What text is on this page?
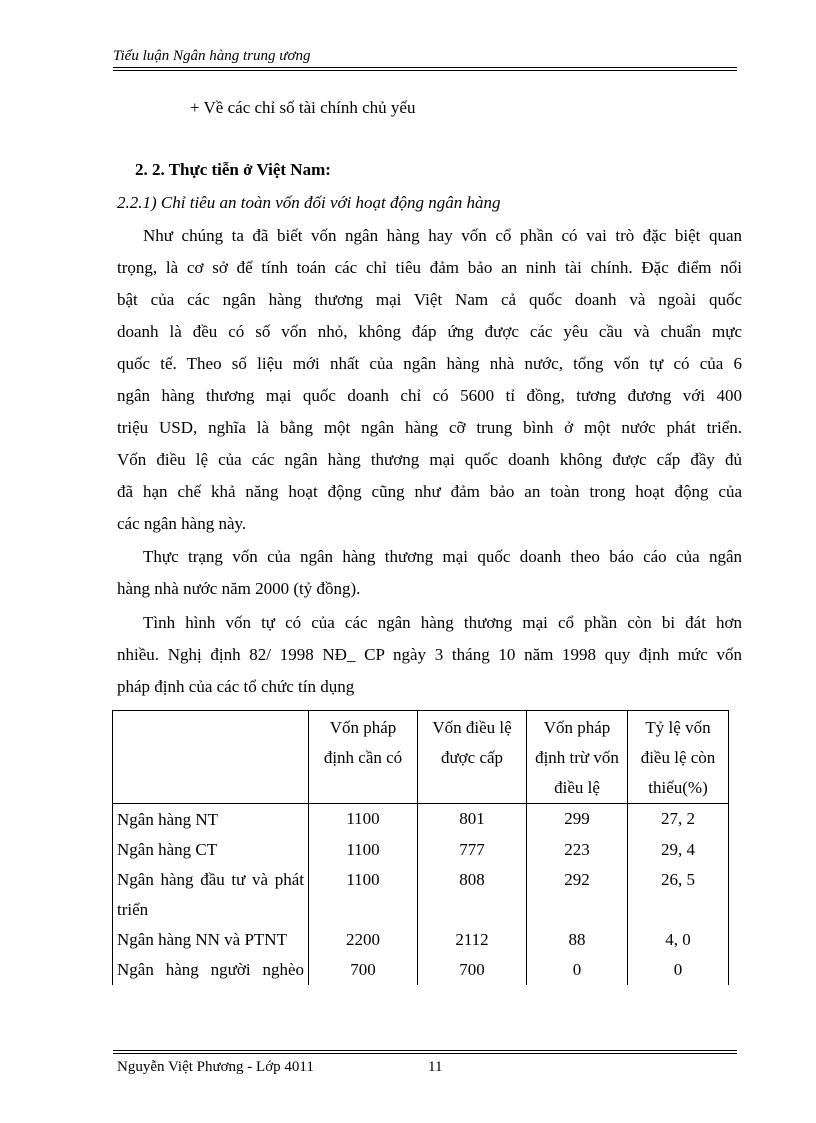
Tiểu luận Ngân hàng trung ương
+ Về các chỉ số tài chính chủ yếu
2. 2. Thực tiễn ở Việt Nam:
2.2.1) Chỉ tiêu an toàn vốn đối với hoạt động ngân hàng
Như chúng ta đã biết vốn ngân hàng hay vốn cổ phần có vai trò đặc biệt quan
trọng, là cơ sở để tính toán các chỉ tiêu đảm bảo an ninh tài chính. Đặc điểm nổi
bật của các ngân hàng thương mại Việt Nam cả quốc doanh và ngoài quốc
doanh là đều có số vốn nhỏ, không đáp ứng được các yêu cầu và chuẩn mực
quốc tế. Theo số liệu mới nhất của ngân hàng nhà nước, tổng vốn tự có của 6
ngân hàng thương mại quốc doanh chỉ có 5600 tỉ đồng, tương đương với 400
triệu USD, nghĩa là bằng một ngân hàng cỡ trung bình ở một nước phát triển.
Vốn điều lệ của các ngân hàng thương mại quốc doanh không được cấp đầy đủ
đã hạn chế khả năng hoạt động cũng như đảm bảo an toàn trong hoạt động của
các ngân hàng này.
Thực trạng vốn của ngân hàng thương mại quốc doanh theo báo cáo của ngân
hàng nhà nước năm 2000 (tỷ đồng).
Tình hình vốn tự có của các ngân hàng thương mại cổ phần còn bi đát hơn
nhiều. Nghị định 82/ 1998 NĐ_ CP ngày 3 tháng 10 năm 1998 quy định mức vốn
pháp định của các tổ chức tín dụng
	Vốn pháp định cần có	Vốn điều lệ được cấp	Vốn pháp định trừ vốn điều lệ	Tỷ lệ vốn điều lệ còn thiếu(%)
Ngân hàng NT	1100	801	299	27, 2
Ngân hàng CT	1100	777	223	29, 4
Ngân hàng đầu tư và phát triển	1100	808	292	26, 5
Ngân hàng NN và PTNT	2200	2112	88	4, 0
Ngân hàng người nghèo	700	700	0	0
Nguyễn Việt Phương - Lớp 4011	11
